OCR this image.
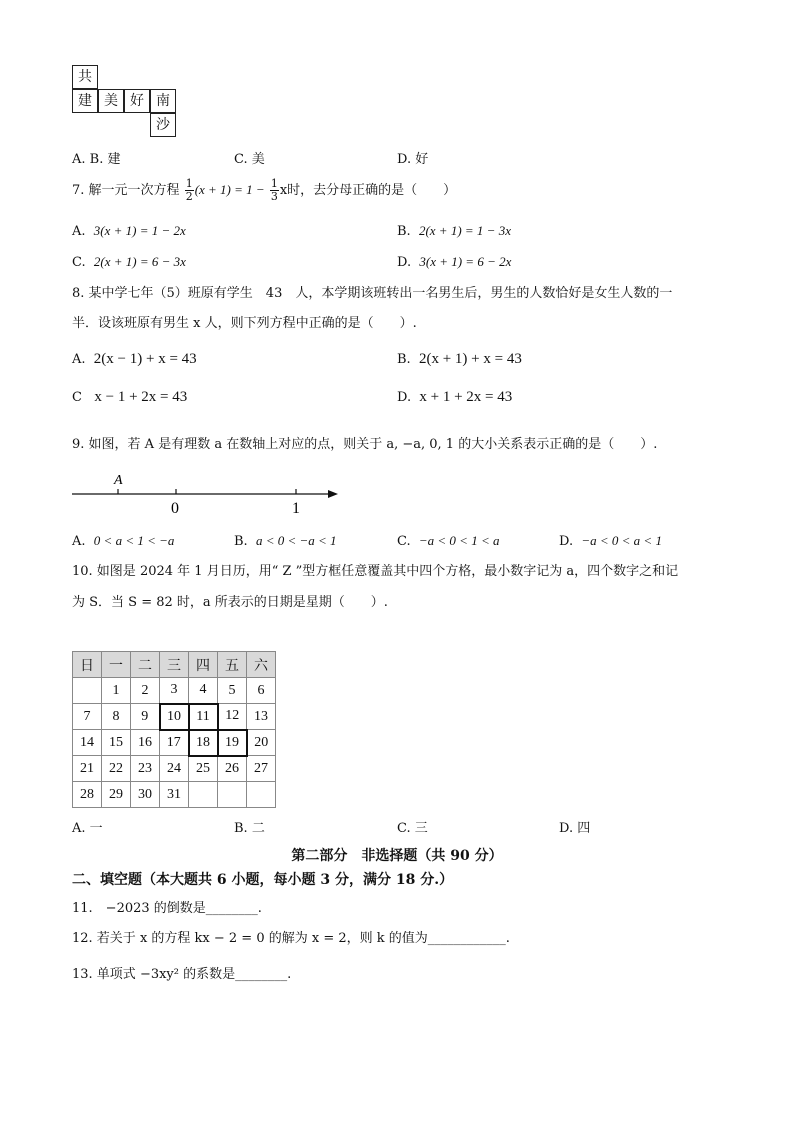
共
建 美 好 南
沙
A. B. 建	C. 美	D. 好
7. 解一元一次方程 $\frac{1}{2} (x + 1) = 1 - \frac{1}{3}$ x时，去分母正确的是（　　）
A. 3(x + 1) = 1 − 2x	B. 2(x + 1) = 1 − 3x
C. 2(x + 1) = 6 − 3x	D. 3(x + 1) = 6 − 2x
8. 某中学七年（5）班原有学生　43　人，本学期该班转出一名男生后，男生的人数恰好是女生人数的一
半．设该班原有男生 x 人，则下列方程中正确的是（　　）.
A. 2(x − 1) + x = 43	B. 2(x + 1) + x = 43
C x − 1 + 2x = 43	D. x + 1 + 2x = 43
9. 如图，若 A 是有理数 a 在数轴上对应的点，则关于 a, −a, 0, 1 的大小关系表示正确的是（　　）.
A
0	1
A. 0 < a < 1 < −a	B. a < 0 < −a < 1	C. −a < 0 < 1 < a	D. −a < 0 < a < 1
10. 如图是 2024 年 1 月日历，用“ Z ”型方框任意覆盖其中四个方格，最小数字记为 a，四个数字之和记
为 S．当 S = 82 时，a 所表示的日期是星期（　　）.
日	一	二	三	四	五	六
	1	2	3	4	5	6
7	8	9	10	11	12	13
14	15	16	17	18	19	20
21	22	23	24	25	26	27
28	29	30	31			
A. 一	B. 二	C. 三	D. 四
第二部分　非选择题（共 90 分）
二、填空题（本大题共 6 小题，每小题 3 分，满分 18 分.）
11.　−2023 的倒数是________.
12. 若关于 x 的方程 kx − 2 = 0 的解为 x = 2，则 k 的值为____________.
13. 单项式 −3xy² 的系数是________.
